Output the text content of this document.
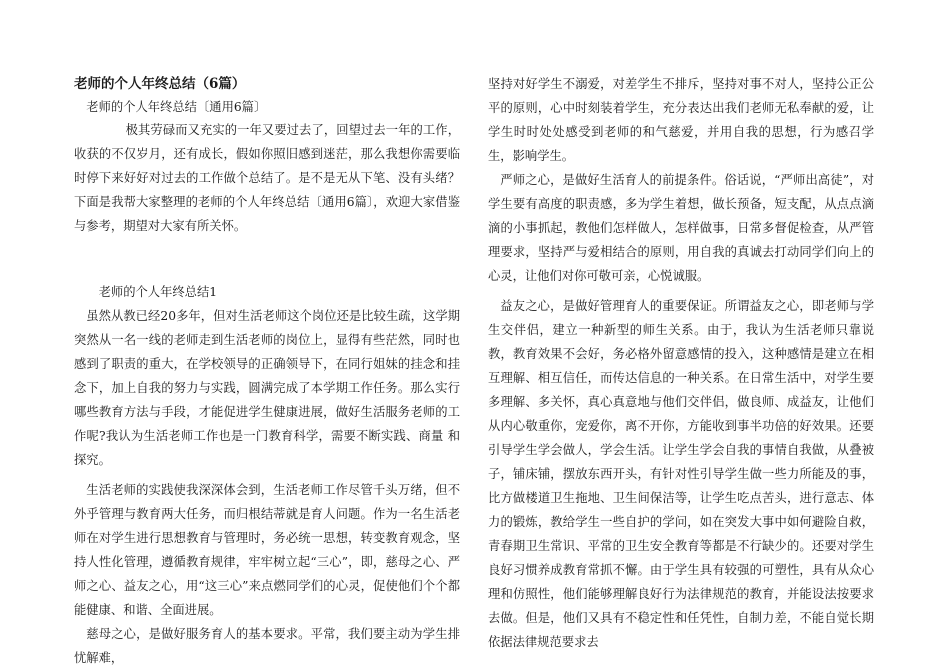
老师的个人年终总结（6篇）

老师的个人年终总结〔通用6篇〕

极其劳碌而又充实的一年又要过去了，回望过去一年的工作，收获的不仅岁月，还有成长，假如你照旧感到迷茫，那么我想你需要临时停下来好好对过去的工作做个总结了。是不是无从下笔、没有头绪？下面是我帮大家整理的老师的个人年终总结〔通用6篇〕，欢迎大家借鉴与参考，期望对大家有所关怀。

老师的个人年终总结1

虽然从教已经20多年，但对生活老师这个岗位还是比较生疏，这学期突然从一名一线的老师走到生活老师的岗位上，显得有些茫然，同时也感到了职责的重大，在学校领导的正确领导下，在同行姐妹的挂念和挂念下，加上自我的努力与实践，圆满完成了本学期工作任务。那么实行哪些教育方法与手段，才能促进学生健康进展，做好生活服务老师的工作呢?我认为生活老师工作也是一门教育科学，需要不断实践、商量 和探究。

生活老师的实践使我深深体会到，生活老师工作尽管千头万绪，但不外乎管理与教育两大任务，而归根结蒂就是育人问题。作为一名生活老师在对学生进行思想教育与管理时，务必统一思想，转变教育观念，坚持人性化管理，遵循教育规律，牢牢树立起“三心”，即，慈母之心、严师之心、益友之心，用“这三心”来点燃同学们的心灵，促使他们个个都能健康、和谐、全面进展。

慈母之心，是做好服务育人的基本要求。平常，我们要主动为学生排忧解难，

坚持对好学生不溺爱，对差学生不排斥，坚持对事不对人，坚持公正公平的原则，心中时刻装着学生，充分表达出我们老师无私奉献的爱，让学生时时处处感受到老师的和气慈爱，并用自我的思想，行为感召学生，影响学生。

严师之心，是做好生活育人的前提条件。俗话说，“严师出高徒”，对学生要有高度的职责感，多为学生着想，做长预备，短支配，从点点滴滴的小事抓起，教他们怎样做人，怎样做事，日常多督促检查，从严管理要求，坚持严与爱相结合的原则，用自我的真诚去打动同学们向上的心灵，让他们对你可敬可亲，心悦诚服。

益友之心，是做好管理育人的重要保证。所谓益友之心，即老师与学生交伴侣，建立一种新型的师生关系。由于，我认为生活老师只靠说教，教育效果不会好，务必格外留意感情的投入，这种感情是建立在相互理解、相互信任，而传达信息的一种关系。在日常生活中，对学生要多理解、多关怀，真心真意地与他们交伴侣，做良师、成益友，让他们从内心敬重你，宠爱你，离不开你，方能收到事半功倍的好效果。还要引导学生学会做人，学会生活。让学生学会自我的事情自我做，从叠被子，铺床铺，摆放东西开头，有针对性引导学生做一些力所能及的事，比方做楼道卫生拖地、卫生间保洁等，让学生吃点苦头，进行意志、体力的锻炼，教给学生一些自护的学问，如在突发大事中如何避险自救，青春期卫生常识、平常的卫生安全教育等都是不行缺少的。还要对学生良好习惯养成教育常抓不懈。由于学生具有较强的可塑性，具有从众心理和仿照性，他们能够理解良好行为法律规范的教育，并能设法按要求去做。但是，他们又具有不稳定性和任凭性，自制力差，不能自觉长期依据法律规范要求去
